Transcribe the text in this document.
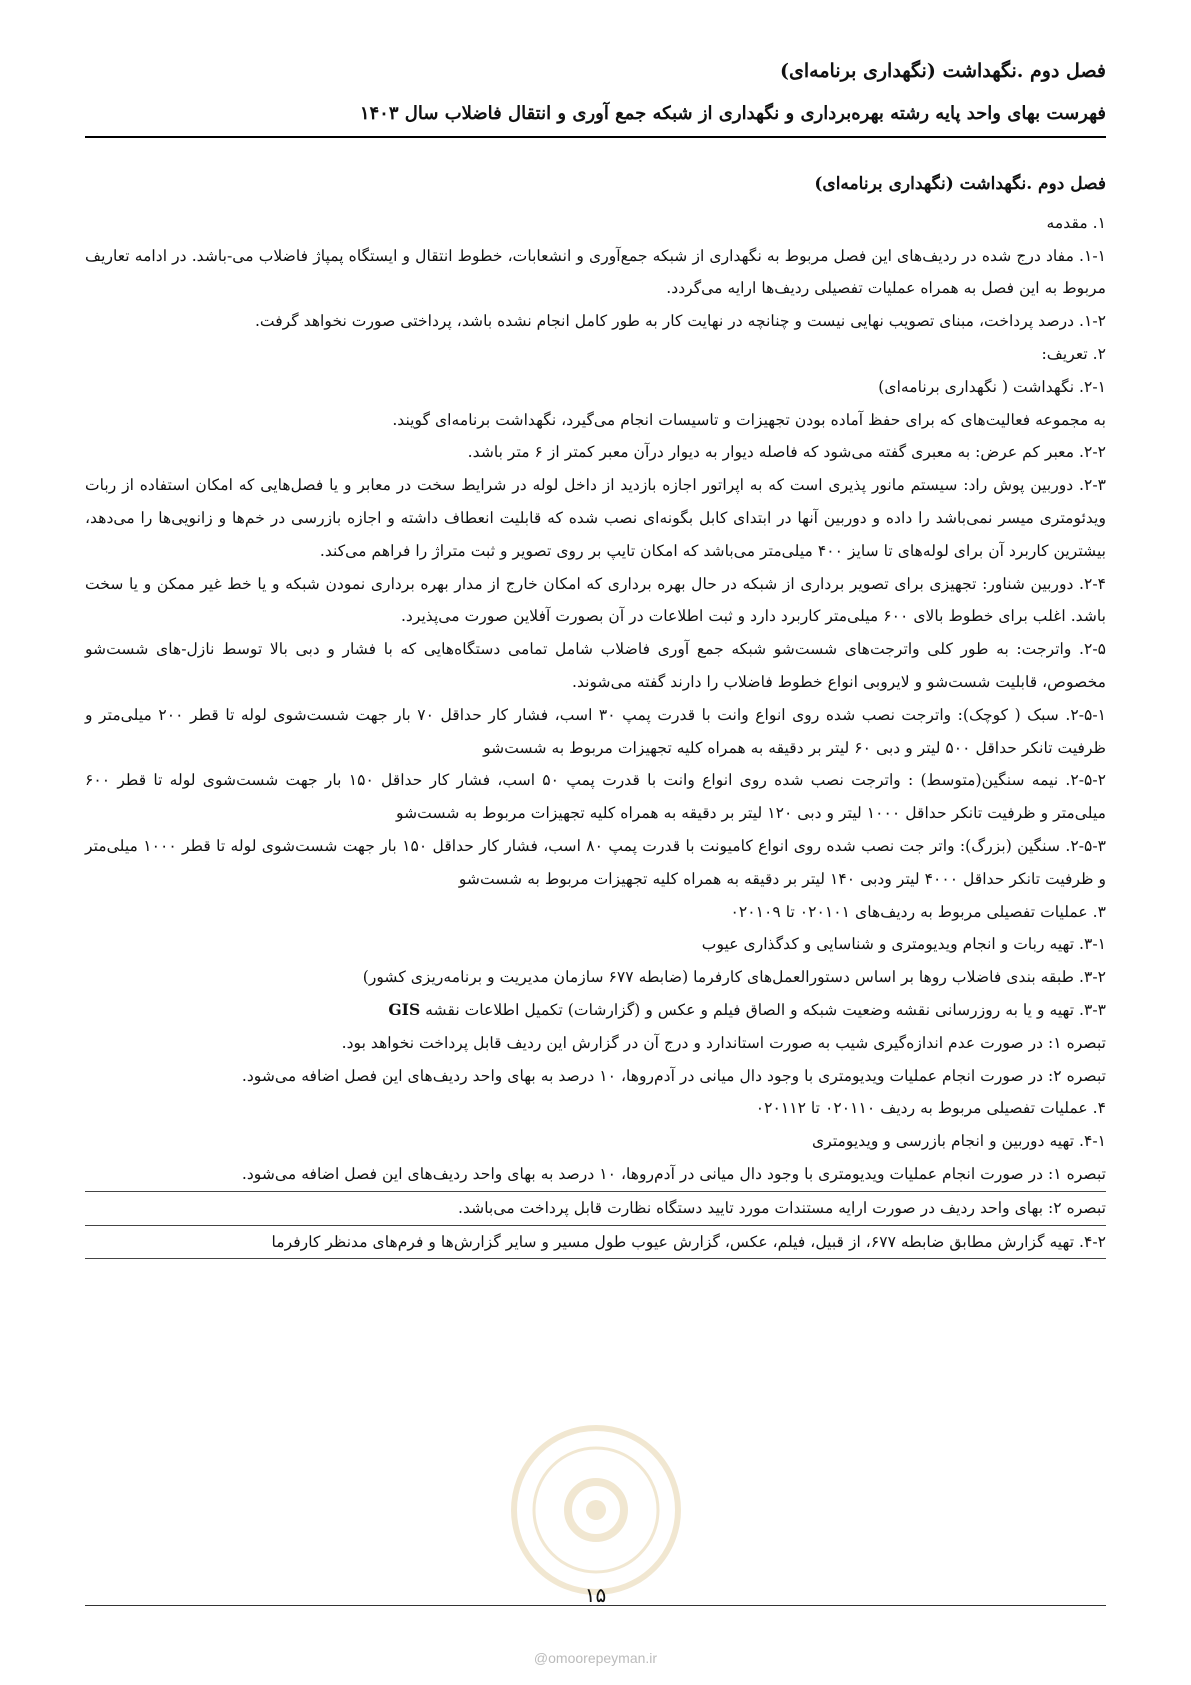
فصل دوم .نگهداشت (نگهداری برنامه‌ای)
فهرست بهای واحد پایه رشته بهره‌برداری و نگهداری از شبکه جمع آوری و انتقال فاضلاب سال ۱۴۰۳

فصل دوم .نگهداشت (نگهداری برنامه‌ای)

۱. مقدمه

۱-۱. مفاد درج شده در ردیف‌های این فصل مربوط به نگهداری از شبکه جمع‌آوری و انشعابات، خطوط انتقال و ایستگاه پمپاژ فاضلاب می-باشد. در ادامه تعاریف مربوط به این فصل به همراه عملیات تفصیلی ردیف‌ها ارایه می‌گردد.

۱-۲. درصد پرداخت، مبنای تصویب نهایی نیست و چنانچه در نهایت کار به طور کامل انجام نشده باشد، پرداختی صورت نخواهد گرفت.

۲. تعریف:

۲-۱. نگهداشت ( نگهداری برنامه‌ای)

به مجموعه فعالیت‌های که برای حفظ آماده بودن تجهیزات و تاسیسات انجام می‌گیرد، نگهداشت برنامه‌ای گویند.

۲-۲. معبر کم عرض: به معبری گفته می‌شود که فاصله دیوار به دیوار درآن معبر کمتر از ۶ متر باشد.

۲-۳. دوربین پوش راد: سیستم مانور پذیری است که به اپراتور اجازه بازدید از داخل لوله در شرایط سخت در معابر و یا فصل‌هایی که امکان استفاده از ربات ویدئومتری میسر نمی‌باشد را داده و دوربین آنها در ابتدای کابل بگونه‌ای نصب شده که قابلیت انعطاف داشته و اجازه بازرسی در خم‌ها و زانویی‌ها را می‌دهد، بیشترین کاربرد آن برای لوله‌های تا سایز ۴۰۰ میلی‌متر می‌باشد که امکان تایپ بر روی تصویر و ثبت متراژ را فراهم می‌کند.

۲-۴. دوربین شناور: تجهیزی برای تصویر برداری از شبکه در حال بهره برداری که امکان خارج از مدار بهره برداری نمودن شبکه و یا خط غیر ممکن و یا سخت باشد. اغلب برای خطوط بالای ۶۰۰ میلی‌متر کاربرد دارد و ثبت اطلاعات در آن بصورت آفلاین صورت می‌پذیرد.

۲-۵. واترجت: به طور کلی واترجت‌های شست‌شو شبکه جمع آوری فاضلاب شامل تمامی دستگاه‌هایی که با فشار و دبی بالا توسط نازل-های شست‌شو مخصوص، قابلیت شست‌شو و لایروبی انواع خطوط فاضلاب را دارند گفته می‌شوند.

۲-۵-۱. سبک ( کوچک): واترجت نصب شده روی انواع وانت با قدرت پمپ ۳۰ اسب، فشار کار حداقل ۷۰ بار جهت شست‌شوی لوله تا قطر ۲۰۰ میلی‌متر و ظرفیت تانکر حداقل ۵۰۰ لیتر و دبی ۶۰ لیتر بر دقیقه به همراه کلیه تجهیزات مربوط به شست‌شو

۲-۵-۲. نیمه سنگین(متوسط) : واترجت نصب شده روی انواع وانت با قدرت پمپ ۵۰ اسب، فشار کار حداقل ۱۵۰ بار جهت شست‌شوی لوله تا قطر ۶۰۰ میلی‌متر و ظرفیت تانکر حداقل ۱۰۰۰ لیتر و دبی ۱۲۰ لیتر بر دقیقه به همراه کلیه تجهیزات مربوط به شست‌شو

۲-۵-۳. سنگین (بزرگ): واتر جت نصب شده روی انواع کامیونت با قدرت پمپ ۸۰ اسب، فشار کار حداقل ۱۵۰ بار جهت شست‌شوی لوله تا قطر ۱۰۰۰ میلی‌متر و ظرفیت تانکر حداقل ۴۰۰۰ لیتر ودبی ۱۴۰ لیتر بر دقیقه به همراه کلیه تجهیزات مربوط به شست‌شو

۳. عملیات تفصیلی مربوط به ردیف‌های ۰۲۰۱۰۱ تا ۰۲۰۱۰۹

۳-۱. تهیه ربات و انجام ویدیومتری و شناسایی و کدگذاری عیوب

۳-۲. طبقه بندی فاضلاب روها بر اساس دستورالعمل‌های کارفرما (ضابطه ۶۷۷ سازمان مدیریت و برنامه‌ریزی کشور)

۳-۳. تهیه و یا به روزرسانی نقشه وضعیت شبکه و الصاق فیلم و عکس و (گزارشات) تکمیل اطلاعات نقشه GIS

تبصره ۱: در صورت عدم اندازه‌گیری شیب به صورت استاندارد و درج آن در گزارش این ردیف قابل پرداخت نخواهد بود.

تبصره ۲: در صورت انجام عملیات ویدیومتری با وجود دال میانی در آدم‌روها، ۱۰ درصد به بهای واحد ردیف‌های این فصل اضافه می‌شود.

۴. عملیات تفصیلی مربوط به ردیف ۰۲۰۱۱۰ تا ۰۲۰۱۱۲

۴-۱. تهیه دوربین و انجام بازرسی و ویدیومتری

تبصره ۱: در صورت انجام عملیات ویدیومتری با وجود دال میانی در آدم‌روها، ۱۰ درصد به بهای واحد ردیف‌های این فصل اضافه می‌شود.

تبصره ۲: بهای واحد ردیف در صورت ارایه مستندات مورد تایید دستگاه نظارت قابل پرداخت می‌باشد.

۴-۲. تهیه گزارش مطابق ضابطه ۶۷۷، از قبیل، فیلم، عکس، گزارش عیوب طول مسیر و سایر گزارش‌ها و فرم‌های مدنظر کارفرما

۱۵
@omoorepeyman.ir
